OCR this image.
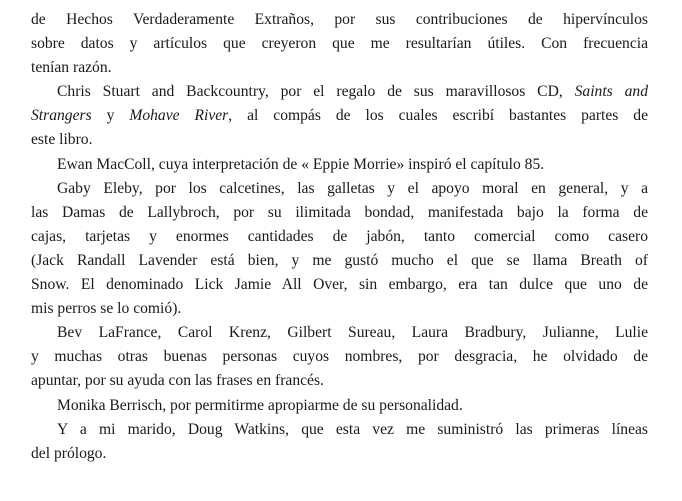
de Hechos Verdaderamente Extraños, por sus contribuciones de hipervínculos
sobre datos y artículos que creyeron que me resultarían útiles. Con frecuencia
tenían razón.
Chris Stuart and Backcountry, por el regalo de sus maravillosos CD, Saints and
Strangers y Mohave River, al compás de los cuales escribí bastantes partes de
este libro.
Ewan MacColl, cuya interpretación de « Eppie Morrie» inspiró el capítulo 85.
Gaby Eleby, por los calcetines, las galletas y el apoyo moral en general, y a
las Damas de Lallybroch, por su ilimitada bondad, manifestada bajo la forma de
cajas, tarjetas y enormes cantidades de jabón, tanto comercial como casero
(Jack Randall Lavender está bien, y me gustó mucho el que se llama Breath of
Snow. El denominado Lick Jamie All Over, sin embargo, era tan dulce que uno de
mis perros se lo comió).
Bev LaFrance, Carol Krenz, Gilbert Sureau, Laura Bradbury, Julianne, Lulie
y muchas otras buenas personas cuyos nombres, por desgracia, he olvidado de
apuntar, por su ayuda con las frases en francés.
Monika Berrisch, por permitirme apropiarme de su personalidad.
Y a mi marido, Doug Watkins, que esta vez me suministró las primeras líneas
del prólogo.
